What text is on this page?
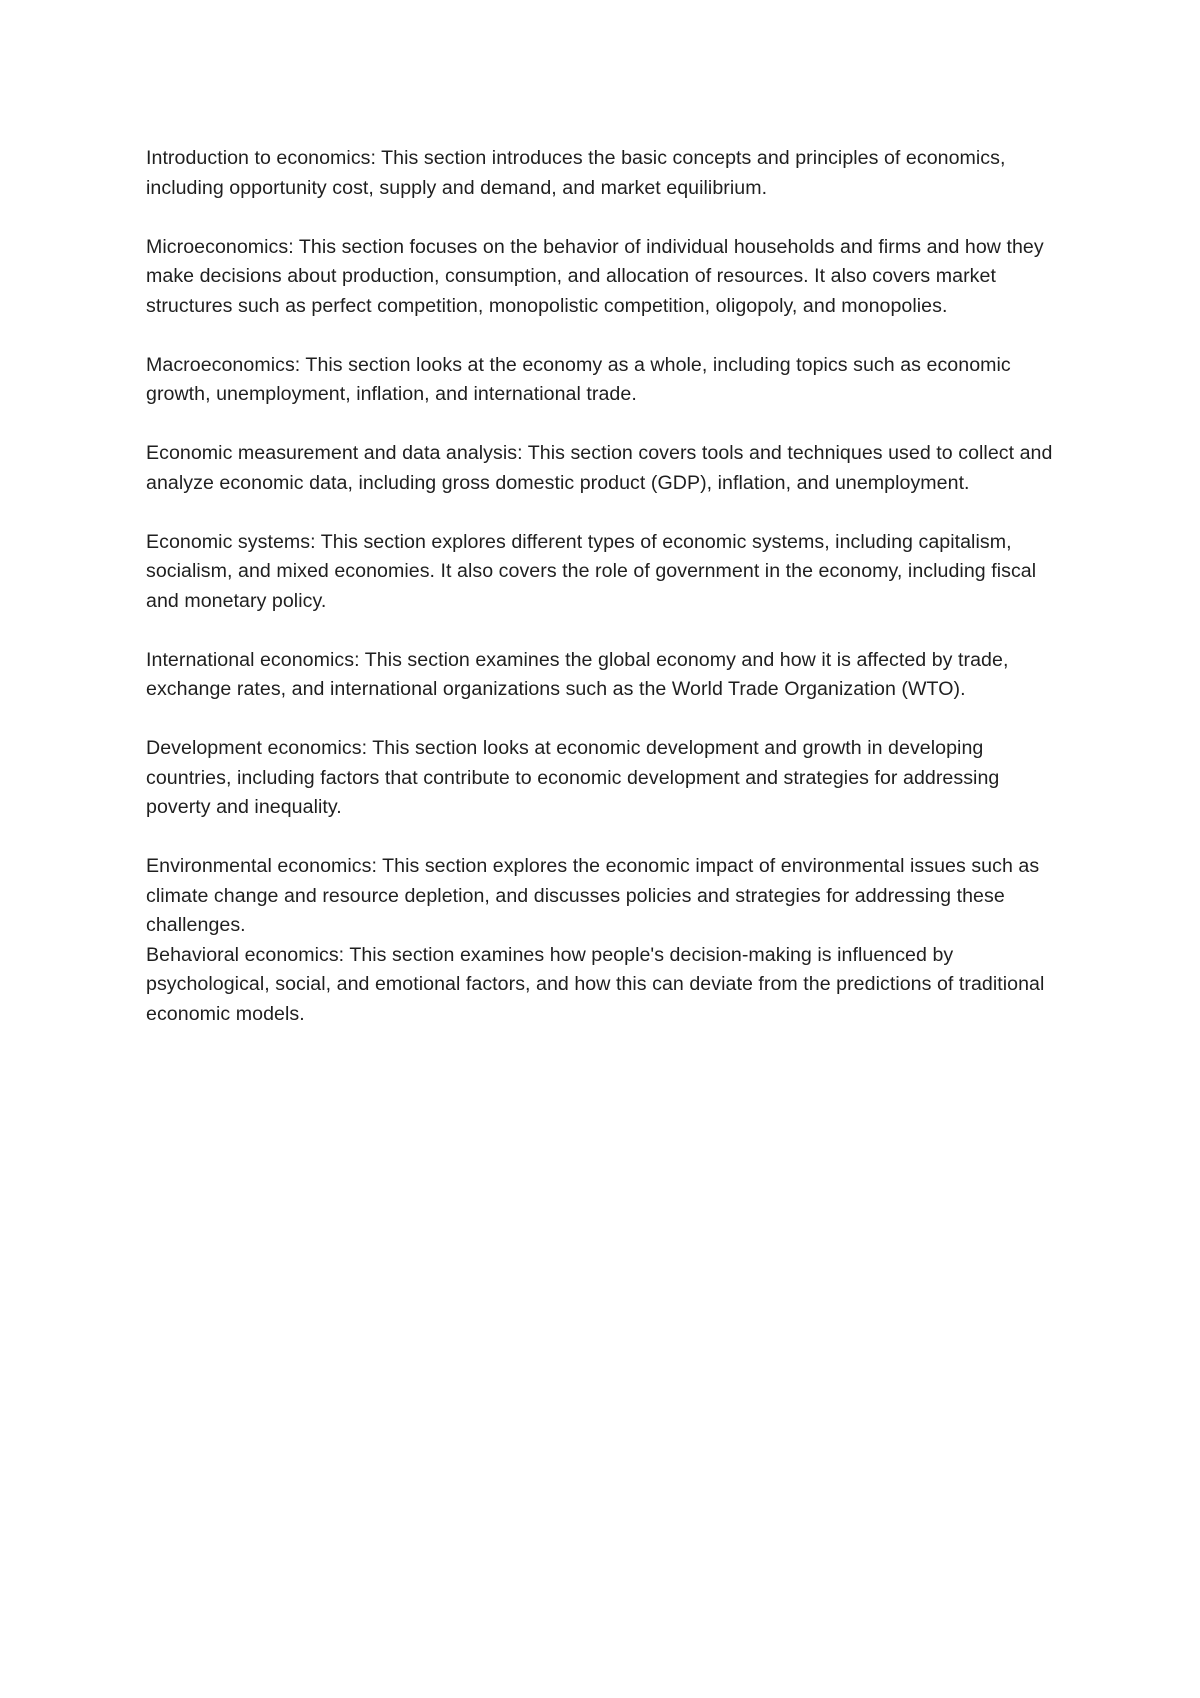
Introduction to economics: This section introduces the basic concepts and principles of economics, including opportunity cost, supply and demand, and market equilibrium.

Microeconomics: This section focuses on the behavior of individual households and firms and how they make decisions about production, consumption, and allocation of resources. It also covers market structures such as perfect competition, monopolistic competition, oligopoly, and monopolies.

Macroeconomics: This section looks at the economy as a whole, including topics such as economic growth, unemployment, inflation, and international trade.

Economic measurement and data analysis: This section covers tools and techniques used to collect and analyze economic data, including gross domestic product (GDP), inflation, and unemployment.

Economic systems: This section explores different types of economic systems, including capitalism, socialism, and mixed economies. It also covers the role of government in the economy, including fiscal and monetary policy.

International economics: This section examines the global economy and how it is affected by trade, exchange rates, and international organizations such as the World Trade Organization (WTO).

Development economics: This section looks at economic development and growth in developing countries, including factors that contribute to economic development and strategies for addressing poverty and inequality.

Environmental economics: This section explores the economic impact of environmental issues such as climate change and resource depletion, and discusses policies and strategies for addressing these challenges.

Behavioral economics: This section examines how people's decision-making is influenced by psychological, social, and emotional factors, and how this can deviate from the predictions of traditional economic models.
